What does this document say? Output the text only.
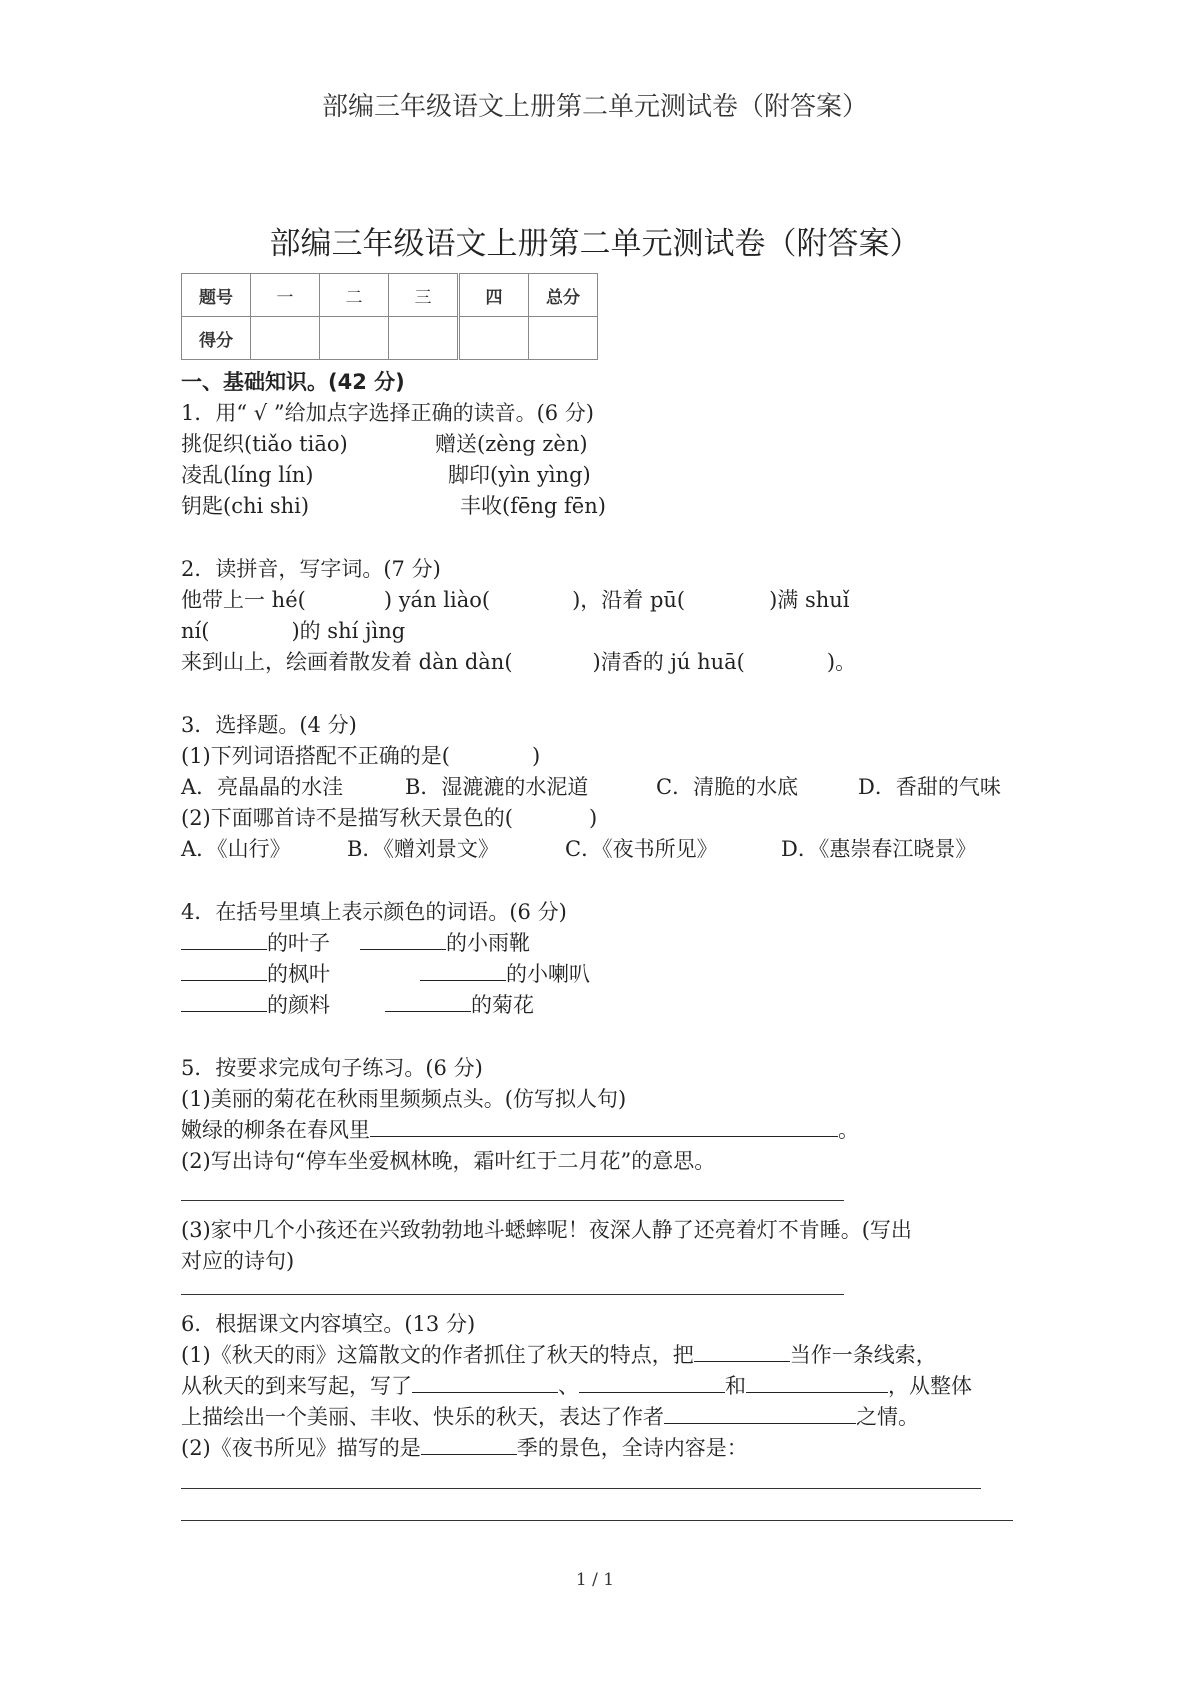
部编三年级语文上册第二单元测试卷（附答案）
部编三年级语文上册第二单元测试卷（附答案）
题号	一	二	三	四	总分
得分					
一、基础知识。(42 分)
1．用“ √ ”给加点字选择正确的读音。(6 分)
挑促织(tiǎo tiāo)	赠送(zèng zèn)
凌乱(líng lín)	脚印(yìn yìng)
钥匙(chi shi)	丰收(fēng fēn)
2．读拼音，写字词。(7 分)
他带上一 hé(	) yán liào(	)，沿着 pū(	)满 shuǐ
ní(	)的 shí jìng
来到山上，绘画着散发着 dàn dàn(	)清香的 jú huā(	)。
3．选择题。(4 分)
(1)下列词语搭配不正确的是(	)
A．亮晶晶的水洼	B．湿漉漉的水泥道	C．清脆的水底	D．香甜的气味
(2)下面哪首诗不是描写秋天景色的(	)
A．《山行》	B．《赠刘景文》	C．《夜书所见》	D．《惠崇春江晓景》
4．在括号里填上表示颜色的词语。(6 分)
的叶子	的小雨靴
的枫叶	的小喇叭
的颜料	的菊花
5．按要求完成句子练习。(6 分)
(1)美丽的菊花在秋雨里频频点头。(仿写拟人句)
嫩绿的柳条在春风里	。
(2)写出诗句“停车坐爱枫林晚，霜叶红于二月花”的意思。
(3)家中几个小孩还在兴致勃勃地斗蟋蟀呢！夜深人静了还亮着灯不肯睡。(写出
对应的诗句)
6．根据课文内容填空。(13 分)
(1)《秋天的雨》这篇散文的作者抓住了秋天的特点，把	当作一条线索，
从秋天的到来写起，写了	、	和	，从整体
上描绘出一个美丽、丰收、快乐的秋天，表达了作者	之情。
(2)《夜书所见》描写的是	季的景色，全诗内容是：
1 / 1
